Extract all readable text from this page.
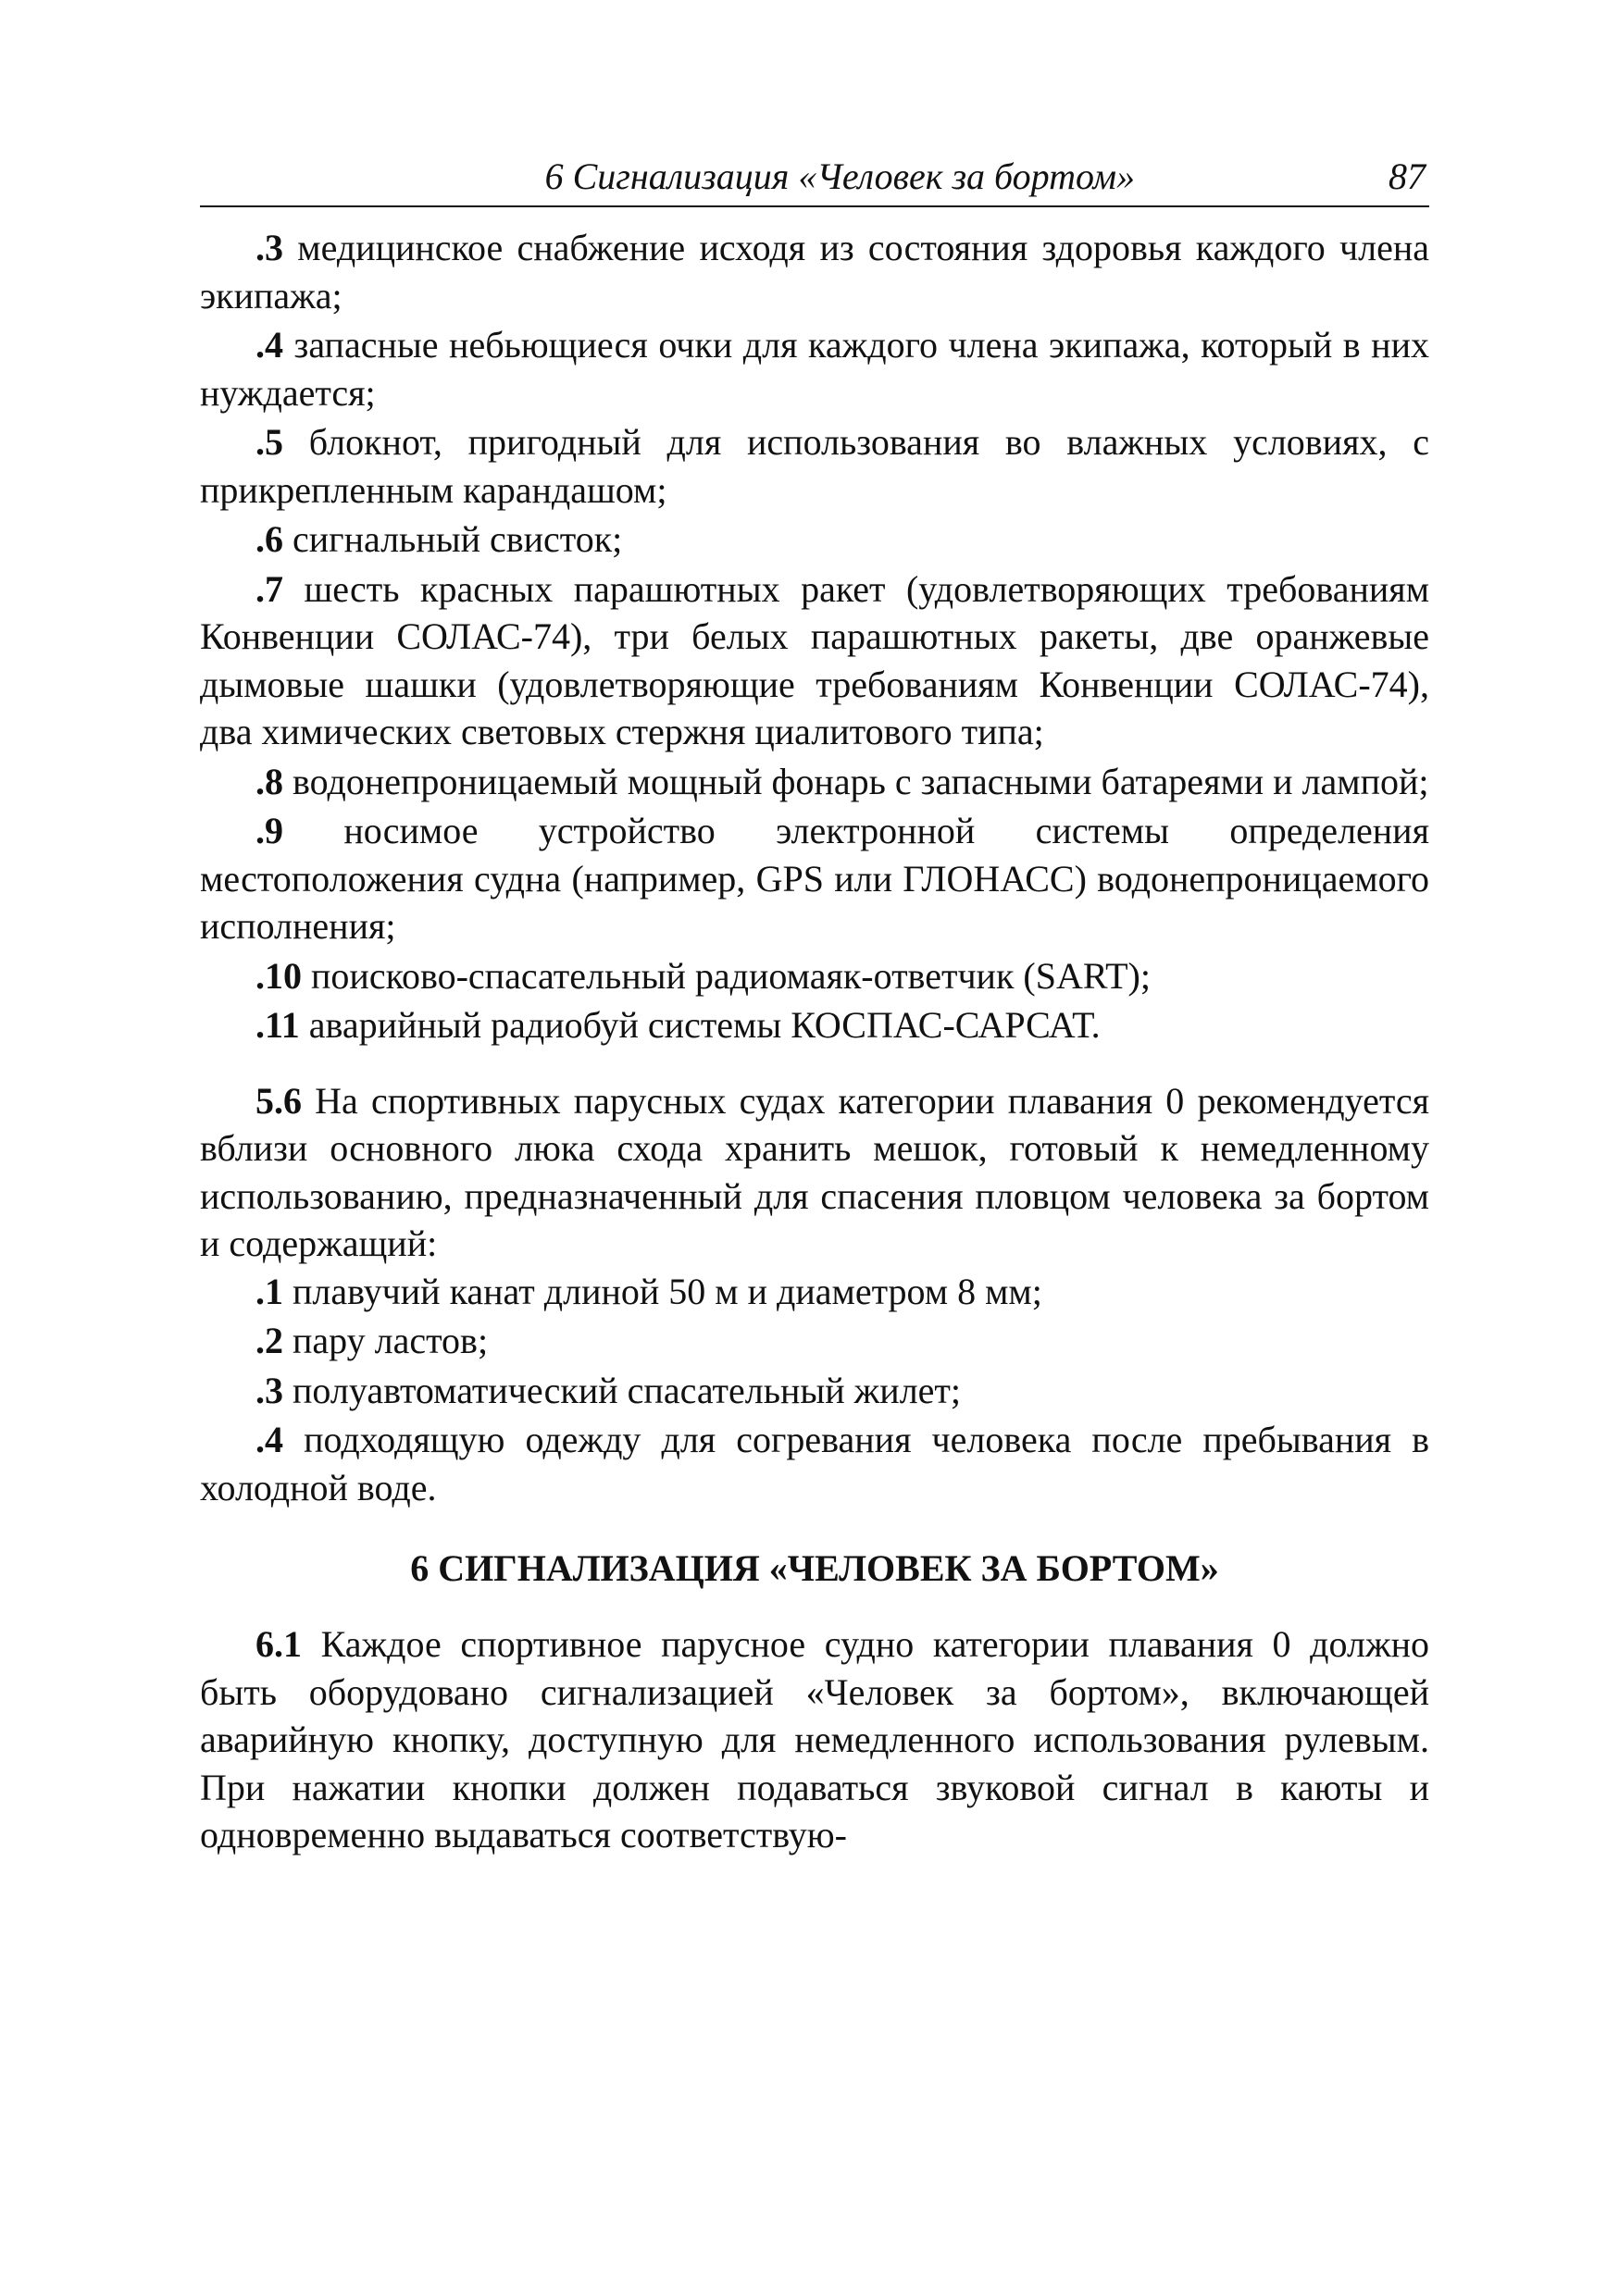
6 Сигнализация «Человек за бортом»	87

.3 медицинское снабжение исходя из состояния здоровья каждого члена экипажа;

.4 запасные небьющиеся очки для каждого члена экипажа, который в них нуждается;

.5 блокнот, пригодный для использования во влажных условиях, с прикрепленным карандашом;

.6 сигнальный свисток;

.7 шесть красных парашютных ракет (удовлетворяющих требованиям Конвенции СОЛАС-74), три белых парашютных ракеты, две оранжевые дымовые шашки (удовлетворяющие требованиям Конвенции СОЛАС-74), два химических световых стержня циалитового типа;

.8 водонепроницаемый мощный фонарь с запасными батареями и лампой;

.9 носимое устройство электронной системы определения местоположения судна (например, GPS или ГЛОНАСС) водонепроницаемого исполнения;

.10 поисково-спасательный радиомаяк-ответчик (SART);

.11 аварийный радиобуй системы КОСПАС-САРСАТ.

5.6 На спортивных парусных судах категории плавания 0 рекомендуется вблизи основного люка схода хранить мешок, готовый к немедленному использованию, предназначенный для спасения пловцом человека за бортом и содержащий:

.1 плавучий канат длиной 50 м и диаметром 8 мм;

.2 пару ластов;

.3 полуавтоматический спасательный жилет;

.4 подходящую одежду для согревания человека после пребывания в холодной воде.

6 СИГНАЛИЗАЦИЯ «ЧЕЛОВЕК ЗА БОРТОМ»

6.1 Каждое спортивное парусное судно категории плавания 0 должно быть оборудовано сигнализацией «Человек за бортом», включающей аварийную кнопку, доступную для немедленного использования рулевым. При нажатии кнопки должен подаваться звуковой сигнал в каюты и одновременно выдаваться соответствую-
